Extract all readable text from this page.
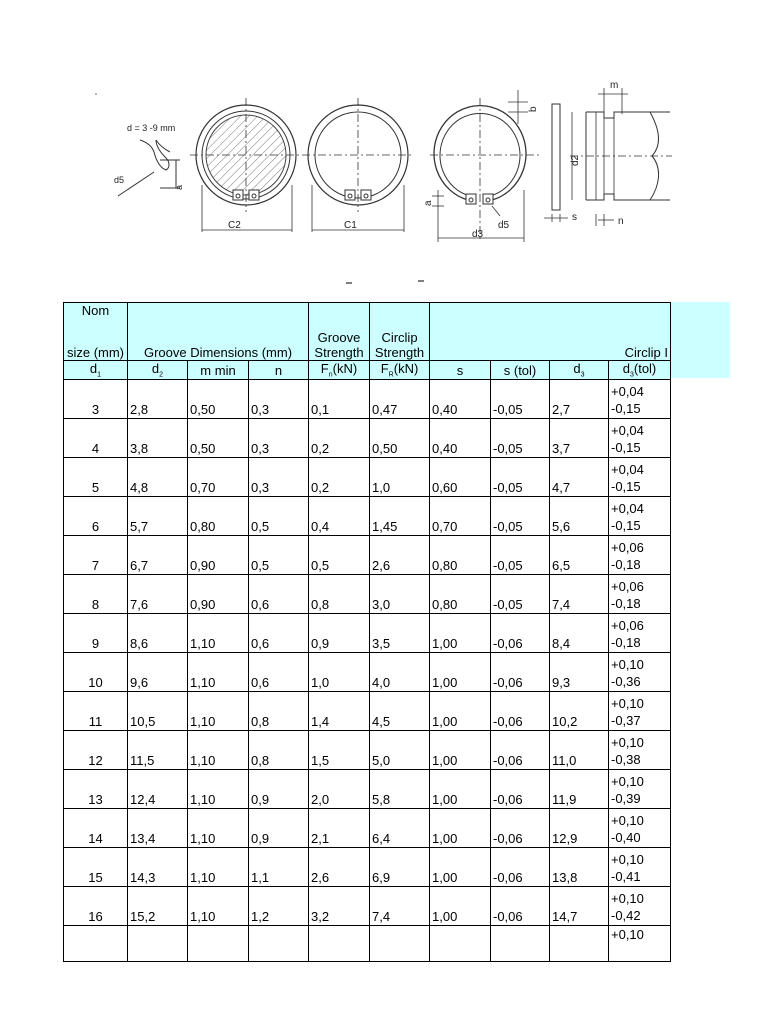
d = 3 -9 mm
d5
a
C2	C1
b
a
d5
d3
d2
s
m
n
Nom
size (mm)	Groove Dimensions (mm)			Groove
Strength	Circlip
Strength	Circlip I			
$d_1$	$d_2$	m min	n	$F_n(kN)$	$F_R(kN)$	s	s (tol)	$d_3$	$d_3(tol)$
3	2,8	0,50	0,3	0,1	0,47	0,40	-0,05	2,7	+0,04
-0,15

4	3,8	0,50	0,3	0,2	0,50	0,40	-0,05	3,7	+0,04
-0,15

5	4,8	0,70	0,3	0,2	1,0	0,60	-0,05	4,7	+0,04
-0,15

6	5,7	0,80	0,5	0,4	1,45	0,70	-0,05	5,6	+0,04
-0,15

7	6,7	0,90	0,5	0,5	2,6	0,80	-0,05	6,5	+0,06
-0,18

8	7,6	0,90	0,6	0,8	3,0	0,80	-0,05	7,4	+0,06
-0,18

9	8,6	1,10	0,6	0,9	3,5	1,00	-0,06	8,4	+0,06
-0,18

10	9,6	1,10	0,6	1,0	4,0	1,00	-0,06	9,3	+0,10
-0,36

11	10,5	1,10	0,8	1,4	4,5	1,00	-0,06	10,2	+0,10
-0,37

12	11,5	1,10	0,8	1,5	5,0	1,00	-0,06	11,0	+0,10
-0,38

13	12,4	1,10	0,9	2,0	5,8	1,00	-0,06	11,9	+0,10
-0,39

14	13,4	1,10	0,9	2,1	6,4	1,00	-0,06	12,9	+0,10
-0,40

15	14,3	1,10	1,1	2,6	6,9	1,00	-0,06	13,8	+0,10
-0,41

16	15,2	1,10	1,2	3,2	7,4	1,00	-0,06	14,7	+0,10
-0,42

									+0,10
